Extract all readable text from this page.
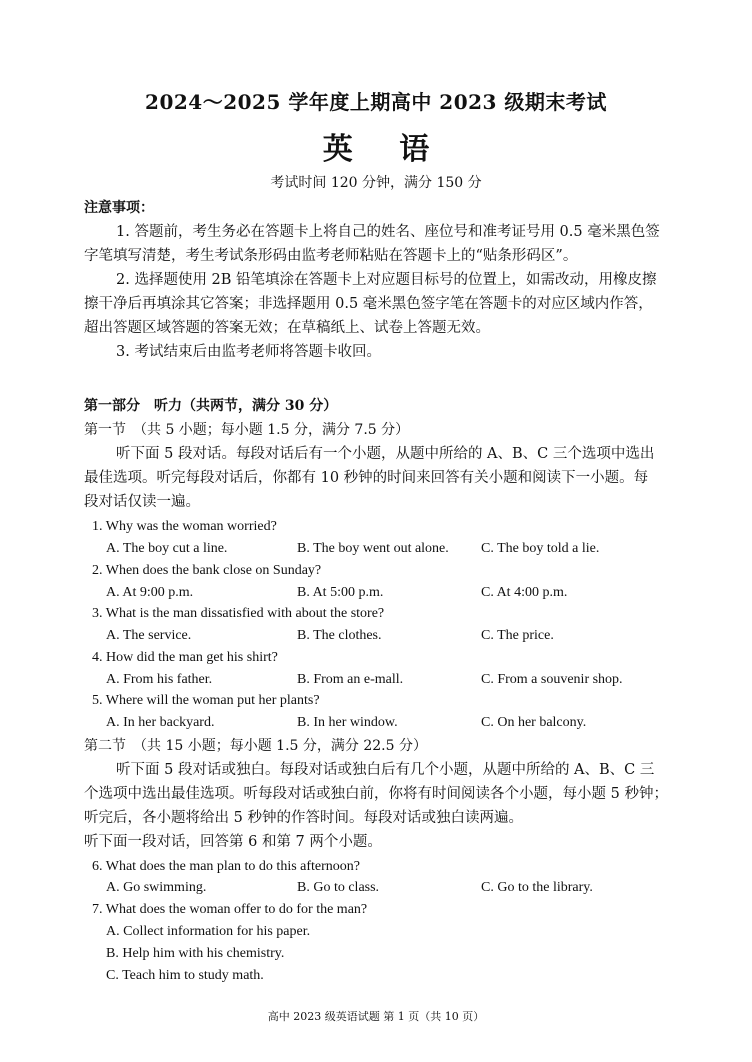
2024～2025 学年度上期高中 2023 级期末考试
英 语
考试时间 120 分钟，满分 150 分
注意事项：
1. 答题前，考生务必在答题卡上将自己的姓名、座位号和准考证号用 0.5 毫米黑色签
字笔填写清楚，考生考试条形码由监考老师粘贴在答题卡上的“贴条形码区”。
2. 选择题使用 2B 铅笔填涂在答题卡上对应题目标号的位置上，如需改动，用橡皮擦
擦干净后再填涂其它答案；非选择题用 0.5 毫米黑色签字笔在答题卡的对应区域内作答，
超出答题区域答题的答案无效；在草稿纸上、试卷上答题无效。
3. 考试结束后由监考老师将答题卡收回。
第一部分　听力（共两节，满分 30 分）
第一节　（共 5 小题；每小题 1.5 分，满分 7.5 分）
听下面 5 段对话。每段对话后有一个小题，从题中所给的 A、B、C 三个选项中选出
最佳选项。听完每段对话后，你都有 10 秒钟的时间来回答有关小题和阅读下一小题。每
段对话仅读一遍。
1. Why was the woman worried?
A. The boy cut a line.	B. The boy went out alone. C. The boy told a lie.
2. When does the bank close on Sunday?
A. At 9:00 p.m.	B. At 5:00 p.m.	C. At 4:00 p.m.
3. What is the man dissatisfied with about the store?
A. The service.	B. The clothes.	C. The price.
4. How did the man get his shirt?
A. From his father.	B. From an e-mall.	C. From a souvenir shop.
5. Where will the woman put her plants?
A. In her backyard.	B. In her window.	C. On her balcony.
第二节　（共 15 小题；每小题 1.5 分，满分 22.5 分）
听下面 5 段对话或独白。每段对话或独白后有几个小题，从题中所给的 A、B、C 三
个选项中选出最佳选项。听每段对话或独白前，你将有时间阅读各个小题，每小题 5 秒钟；
听完后，各小题将给出 5 秒钟的作答时间。每段对话或独白读两遍。
听下面一段对话，回答第 6 和第 7 两个小题。
6. What does the man plan to do this afternoon?
A. Go swimming.	B. Go to class.	C. Go to the library.
7. What does the woman offer to do for the man?
A. Collect information for his paper.
B. Help him with his chemistry.
C. Teach him to study math.
高中 2023 级英语试题 第 1 页（共 10 页）
